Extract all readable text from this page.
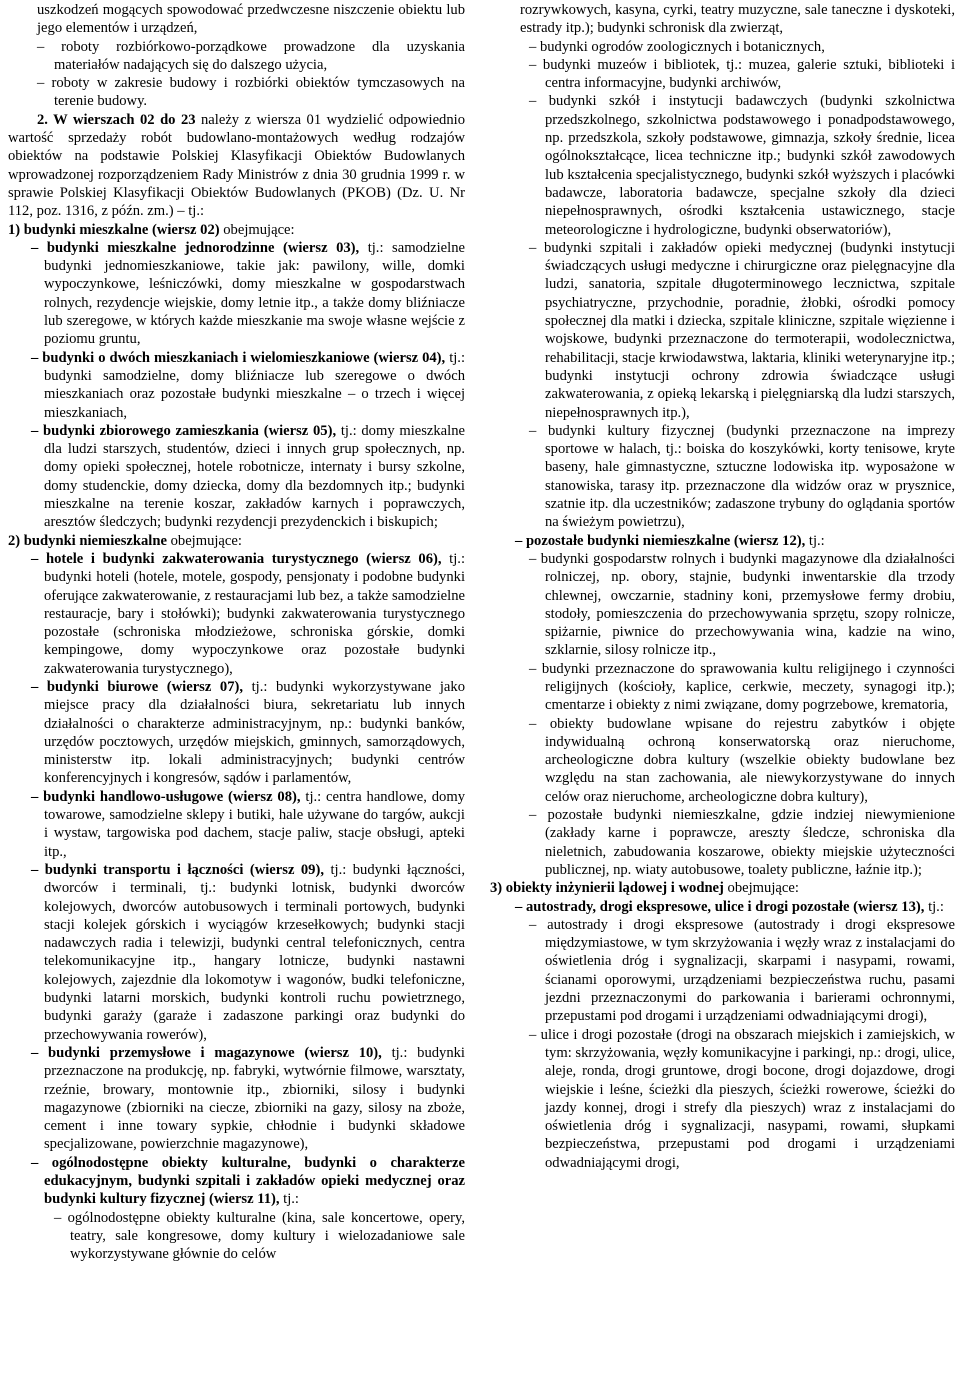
uszkodzeń mogących spowodować przedwczesne niszczenie obiektu lub jego elementów i urządzeń,

– roboty rozbiórkowo-porządkowe prowadzone dla uzyskania materiałów nadających się do dalszego użycia,

– roboty w zakresie budowy i rozbiórki obiektów tymczasowych na terenie budowy.

2. W wierszach 02 do 23 należy z wiersza 01 wydzielić odpowiednio wartość sprzedaży robót budowlano-montażowych według rodzajów obiektów na podstawie Polskiej Klasyfikacji Obiektów Budowlanych wprowadzonej rozporządzeniem Rady Ministrów z dnia 30 grudnia 1999 r. w sprawie Polskiej Klasyfikacji Obiektów Budowlanych (PKOB) (Dz. U. Nr 112, poz. 1316, z późn. zm.) – tj.:

1) budynki mieszkalne (wiersz 02) obejmujące:

– budynki mieszkalne jednorodzinne (wiersz 03), tj.: samodzielne budynki jednomieszkaniowe, takie jak: pawilony, wille, domki wypoczynkowe, leśniczówki, domy mieszkalne w gospodarstwach rolnych, rezydencje wiejskie, domy letnie itp., a także domy bliźniacze lub szeregowe, w których każde mieszkanie ma swoje własne wejście z poziomu gruntu,

– budynki o dwóch mieszkaniach i wielomieszkaniowe (wiersz 04), tj.: budynki samodzielne, domy bliźniacze lub szeregowe o dwóch mieszkaniach oraz pozostałe budynki mieszkalne – o trzech i więcej mieszkaniach,

– budynki zbiorowego zamieszkania (wiersz 05), tj.: domy mieszkalne dla ludzi starszych, studentów, dzieci i innych grup społecznych, np. domy opieki społecznej, hotele robotnicze, internaty i bursy szkolne, domy studenckie, domy dziecka, domy dla bezdomnych itp.; budynki mieszkalne na terenie koszar, zakładów karnych i poprawczych, aresztów śledczych; budynki rezydencji prezydenckich i biskupich;

2) budynki niemieszkalne obejmujące:

– hotele i budynki zakwaterowania turystycznego (wiersz 06), tj.: budynki hoteli (hotele, motele, gospody, pensjonaty i podobne budynki oferujące zakwaterowanie, z restauracjami lub bez, a także samodzielne restauracje, bary i stołówki); budynki zakwaterowania turystycznego pozostałe (schroniska młodzieżowe, schroniska górskie, domki kempingowe, domy wypoczynkowe oraz pozostałe budynki zakwaterowania turystycznego),

– budynki biurowe (wiersz 07), tj.: budynki wykorzystywane jako miejsce pracy dla działalności biura, sekretariatu lub innych działalności o charakterze administracyjnym, np.: budynki banków, urzędów pocztowych, urzędów miejskich, gminnych, samorządowych, ministerstw itp. lokali administracyjnych; budynki centrów konferencyjnych i kongresów, sądów i parlamentów,

– budynki handlowo-usługowe (wiersz 08), tj.: centra handlowe, domy towarowe, samodzielne sklepy i butiki, hale używane do targów, aukcji i wystaw, targowiska pod dachem, stacje paliw, stacje obsługi, apteki itp.,

– budynki transportu i łączności (wiersz 09), tj.: budynki łączności, dworców i terminali, tj.: budynki lotnisk, budynki dworców kolejowych, dworców autobusowych i terminali portowych, budynki stacji kolejek górskich i wyciągów krzesełkowych; budynki stacji nadawczych radia i telewizji, budynki central telefonicznych, centra telekomunikacyjne itp., hangary lotnicze, budynki nastawni kolejowych, zajezdnie dla lokomotyw i wagonów, budki telefoniczne, budynki latarni morskich, budynki kontroli ruchu powietrznego, budynki garaży (garaże i zadaszone parkingi oraz budynki do przechowywania rowerów),

– budynki przemysłowe i magazynowe (wiersz 10), tj.: budynki przeznaczone na produkcję, np. fabryki, wytwórnie filmowe, warsztaty, rzeźnie, browary, montownie itp., zbiorniki, silosy i budynki magazynowe (zbiorniki na ciecze, zbiorniki na gazy, silosy na zboże, cement i inne towary sypkie, chłodnie i budynki składowe specjalizowane, powierzchnie magazynowe),

– ogólnodostępne obiekty kulturalne, budynki o charakterze edukacyjnym, budynki szpitali i zakładów opieki medycznej oraz budynki kultury fizycznej (wiersz 11), tj.:

– ogólnodostępne obiekty kulturalne (kina, sale koncertowe, opery, teatry, sale kongresowe, domy kultury i wielozadaniowe sale wykorzystywane głównie do celów

rozrywkowych, kasyna, cyrki, teatry muzyczne, sale taneczne i dyskoteki, estrady itp.); budynki schronisk dla zwierząt,

– budynki ogrodów zoologicznych i botanicznych,

– budynki muzeów i bibliotek, tj.: muzea, galerie sztuki, biblioteki i centra informacyjne, budynki archiwów,

– budynki szkół i instytucji badawczych (budynki szkolnictwa przedszkolnego, szkolnictwa podstawowego i ponadpodstawowego, np. przedszkola, szkoły podstawowe, gimnazja, szkoły średnie, licea ogólnokształcące, licea techniczne itp.; budynki szkół zawodowych lub kształcenia specjalistycznego, budynki szkół wyższych i placówki badawcze, laboratoria badawcze, specjalne szkoły dla dzieci niepełnosprawnych, ośrodki kształcenia ustawicznego, stacje meteorologiczne i hydrologiczne, budynki obserwatoriów),

– budynki szpitali i zakładów opieki medycznej (budynki instytucji świadczących usługi medyczne i chirurgiczne oraz pielęgnacyjne dla ludzi, sanatoria, szpitale długoterminowego lecznictwa, szpitale psychiatryczne, przychodnie, poradnie, żłobki, ośrodki pomocy społecznej dla matki i dziecka, szpitale kliniczne, szpitale więzienne i wojskowe, budynki przeznaczone do termoterapii, wodolecznictwa, rehabilitacji, stacje krwiodawstwa, laktaria, kliniki weterynaryjne itp.; budynki instytucji ochrony zdrowia świadczące usługi zakwaterowania, z opieką lekarską i pielęgniarską dla ludzi starszych, niepełnosprawnych itp.),

– budynki kultury fizycznej (budynki przeznaczone na imprezy sportowe w halach, tj.: boiska do koszykówki, korty tenisowe, kryte baseny, hale gimnastyczne, sztuczne lodowiska itp. wyposażone w stanowiska, tarasy itp. przeznaczone dla widzów oraz w prysznice, szatnie itp. dla uczestników; zadaszone trybuny do oglądania sportów na świeżym powietrzu),

– pozostałe budynki niemieszkalne (wiersz 12), tj.:

– budynki gospodarstw rolnych i budynki magazynowe dla działalności rolniczej, np. obory, stajnie, budynki inwentarskie dla trzody chlewnej, owczarnie, stadniny koni, przemysłowe fermy drobiu, stodoły, pomieszczenia do przechowywania sprzętu, szopy rolnicze, spiżarnie, piwnice do przechowywania wina, kadzie na wino, szklarnie, silosy rolnicze itp.,

– budynki przeznaczone do sprawowania kultu religijnego i czynności religijnych (kościoły, kaplice, cerkwie, meczety, synagogi itp.); cmentarze i obiekty z nimi związane, domy pogrzebowe, krematoria,

– obiekty budowlane wpisane do rejestru zabytków i objęte indywidualną ochroną konserwatorską oraz nieruchome, archeologiczne dobra kultury (wszelkie obiekty budowlane bez względu na stan zachowania, ale niewykorzystywane do innych celów oraz nieruchome, archeologiczne dobra kultury),

– pozostałe budynki niemieszkalne, gdzie indziej niewymienione (zakłady karne i poprawcze, areszty śledcze, schroniska dla nieletnich, zabudowania koszarowe, obiekty miejskie użyteczności publicznej, np. wiaty autobusowe, toalety publiczne, łaźnie itp.);

3) obiekty inżynierii lądowej i wodnej obejmujące:

– autostrady, drogi ekspresowe, ulice i drogi pozostałe (wiersz 13), tj.:

– autostrady i drogi ekspresowe (autostrady i drogi ekspresowe międzymiastowe, w tym skrzyżowania i węzły wraz z instalacjami do oświetlenia dróg i sygnalizacji, skarpami i nasypami, rowami, ścianami oporowymi, urządzeniami bezpieczeństwa ruchu, pasami jezdni przeznaczonymi do parkowania i barierami ochronnymi, przepustami pod drogami i urządzeniami odwadniającymi drogi),

– ulice i drogi pozostałe (drogi na obszarach miejskich i zamiejskich, w tym: skrzyżowania, węzły komunikacyjne i parkingi, np.: drogi, ulice, aleje, ronda, drogi gruntowe, drogi bocone, drogi dojazdowe, drogi wiejskie i leśne, ścieżki dla pieszych, ścieżki rowerowe, ścieżki do jazdy konnej, drogi i strefy dla pieszych) wraz z instalacjami do oświetlenia dróg i sygnalizacji, nasypami, rowami, słupkami bezpieczeństwa, przepustami pod drogami i urządzeniami odwadniającymi drogi,
